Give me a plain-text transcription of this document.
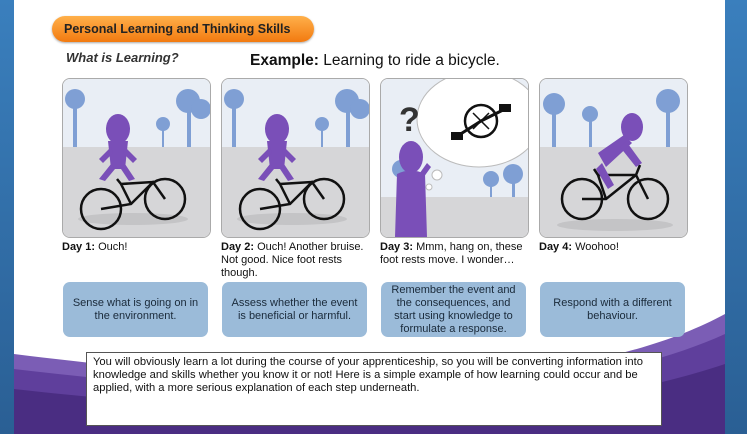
Personal Learning and Thinking Skills
What is Learning?	Example: Learning to ride a bicycle.
Day 1: Ouch!
Sense what is going on in the environment.
Day 2: Ouch! Another bruise. Not good. Nice foot rests though.
Assess whether the event is beneficial or harmful.
?
Day 3: Mmm, hang on, these foot rests move. I wonder…
Remember the event and the consequences, and start using knowledge to formulate a response.
Day 4: Woohoo!
Respond with a different behaviour.
You will obviously learn a lot during the course of your apprenticeship, so you will be converting information into knowledge and skills whether you know it or not! Here is a simple example of how learning could occur and be applied, with a more serious explanation of each step underneath.
